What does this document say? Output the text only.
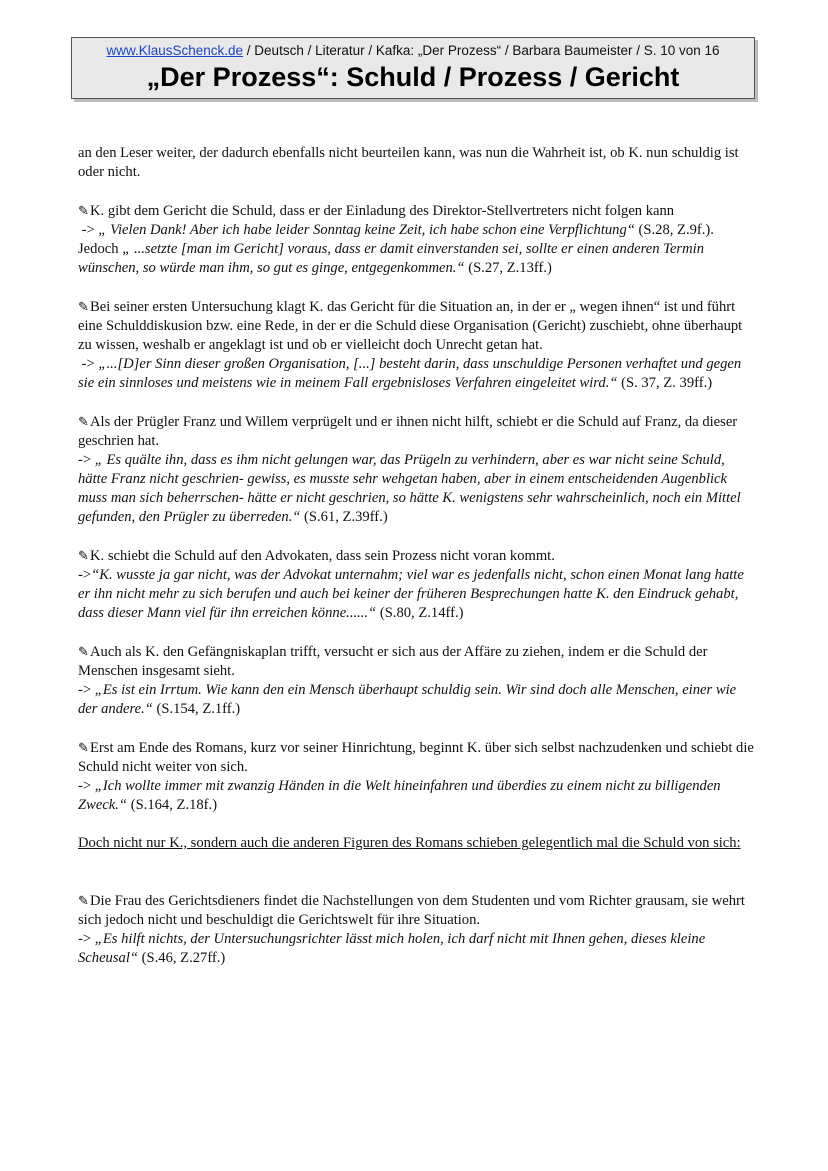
www.KlausSchenck.de / Deutsch / Literatur / Kafka: „Der Prozess“ / Barbara Baumeister / S. 10 von 16
„Der Prozess“: Schuld / Prozess / Gericht

an den Leser weiter, der dadurch ebenfalls nicht beurteilen kann, was nun die Wahrheit ist, ob K. nun schuldig ist oder nicht.

✎K. gibt dem Gericht die Schuld, dass er der Einladung des Direktor-Stellvertreters nicht folgen kann

-> „ Vielen Dank! Aber ich habe leider Sonntag keine Zeit, ich habe schon eine Verpflichtung“ (S.28, Z.9f.). Jedoch „ ...setzte [man im Gericht] voraus, dass er damit einverstanden sei, sollte er einen anderen Termin wünschen, so würde man ihm, so gut es ginge, entgegenkommen.“ (S.27, Z.13ff.)

✎Bei seiner ersten Untersuchung klagt K. das Gericht für die Situation an, in der er „ wegen ihnen“ ist und führt eine Schulddiskusion bzw. eine Rede, in der er die Schuld diese Organisation (Gericht) zuschiebt, ohne überhaupt zu wissen, weshalb er angeklagt ist und ob er vielleicht doch Unrecht getan hat.

-> „...[D]er Sinn dieser großen Organisation, [...] besteht darin, dass unschuldige Personen verhaftet und gegen sie ein sinnloses und meistens wie in meinem Fall ergebnisloses Verfahren eingeleitet wird.“ (S. 37, Z. 39ff.)

✎Als der Prügler Franz und Willem verprügelt und er ihnen nicht hilft, schiebt er die Schuld auf Franz, da dieser geschrien hat.

-> „ Es quälte ihn, dass es ihm nicht gelungen war, das Prügeln zu verhindern, aber es war nicht seine Schuld, hätte Franz nicht geschrien- gewiss, es musste sehr wehgetan haben, aber in einem entscheidenden Augenblick muss man sich beherrschen- hätte er nicht geschrien, so hätte K. wenigstens sehr wahrscheinlich, noch ein Mittel gefunden, den Prügler zu überreden.“ (S.61, Z.39ff.)

✎K. schiebt die Schuld auf den Advokaten, dass sein Prozess nicht voran kommt.

->“K. wusste ja gar nicht, was der Advokat unternahm; viel war es jedenfalls nicht, schon einen Monat lang hatte er ihn nicht mehr zu sich berufen und auch bei keiner der früheren Besprechungen hatte K. den Eindruck gehabt, dass dieser Mann viel für ihn erreichen könne......“ (S.80, Z.14ff.)

✎Auch als K. den Gefängniskaplan trifft, versucht er sich aus der Affäre zu ziehen, indem er die Schuld der Menschen insgesamt sieht.

-> „Es ist ein Irrtum. Wie kann den ein Mensch überhaupt schuldig sein. Wir sind doch alle Menschen, einer wie der andere.“ (S.154, Z.1ff.)

✎Erst am Ende des Romans, kurz vor seiner Hinrichtung, beginnt K. über sich selbst nachzudenken und schiebt die Schuld nicht weiter von sich.

-> „Ich wollte immer mit zwanzig Händen in die Welt hineinfahren und überdies zu einem nicht zu billigenden Zweck.“ (S.164, Z.18f.)

Doch nicht nur K., sondern auch die anderen Figuren des Romans schieben gelegentlich mal die Schuld von sich:

✎Die Frau des Gerichtsdieners findet die Nachstellungen von dem Studenten und vom Richter grausam, sie wehrt sich jedoch nicht und beschuldigt die Gerichtswelt für ihre Situation.

-> „Es hilft nichts, der Untersuchungsrichter lässt mich holen, ich darf nicht mit Ihnen gehen, dieses kleine Scheusal“ (S.46, Z.27ff.)
